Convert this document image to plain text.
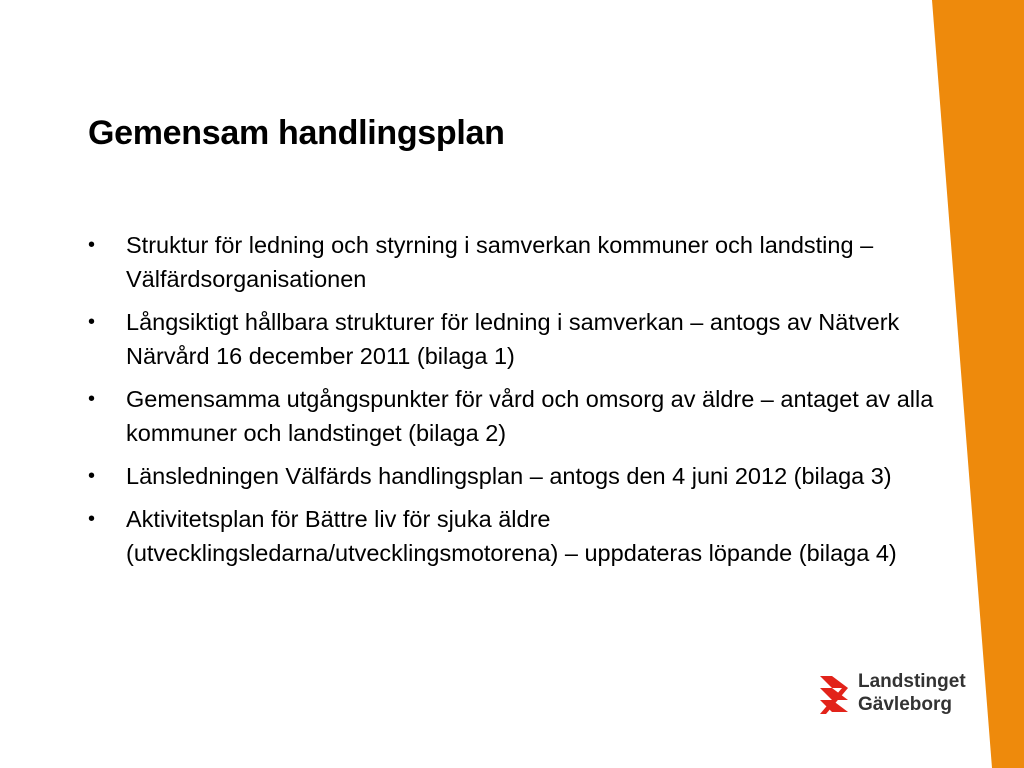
Gemensam handlingsplan
• Struktur för ledning och styrning i samverkan kommuner och landsting – Välfärdsorganisationen
• Långsiktigt hållbara strukturer för ledning i samverkan – antogs av Nätverk Närvård 16 december 2011 (bilaga 1)
• Gemensamma utgångspunkter för vård och omsorg av äldre – antaget av alla kommuner och landstinget (bilaga 2)
• Länsledningen Välfärds handlingsplan – antogs den 4 juni 2012 (bilaga 3)
• Aktivitetsplan för Bättre liv för sjuka äldre (utvecklingsledarna/utvecklingsmotorena) – uppdateras löpande (bilaga 4)
Landstinget
Gävleborg
